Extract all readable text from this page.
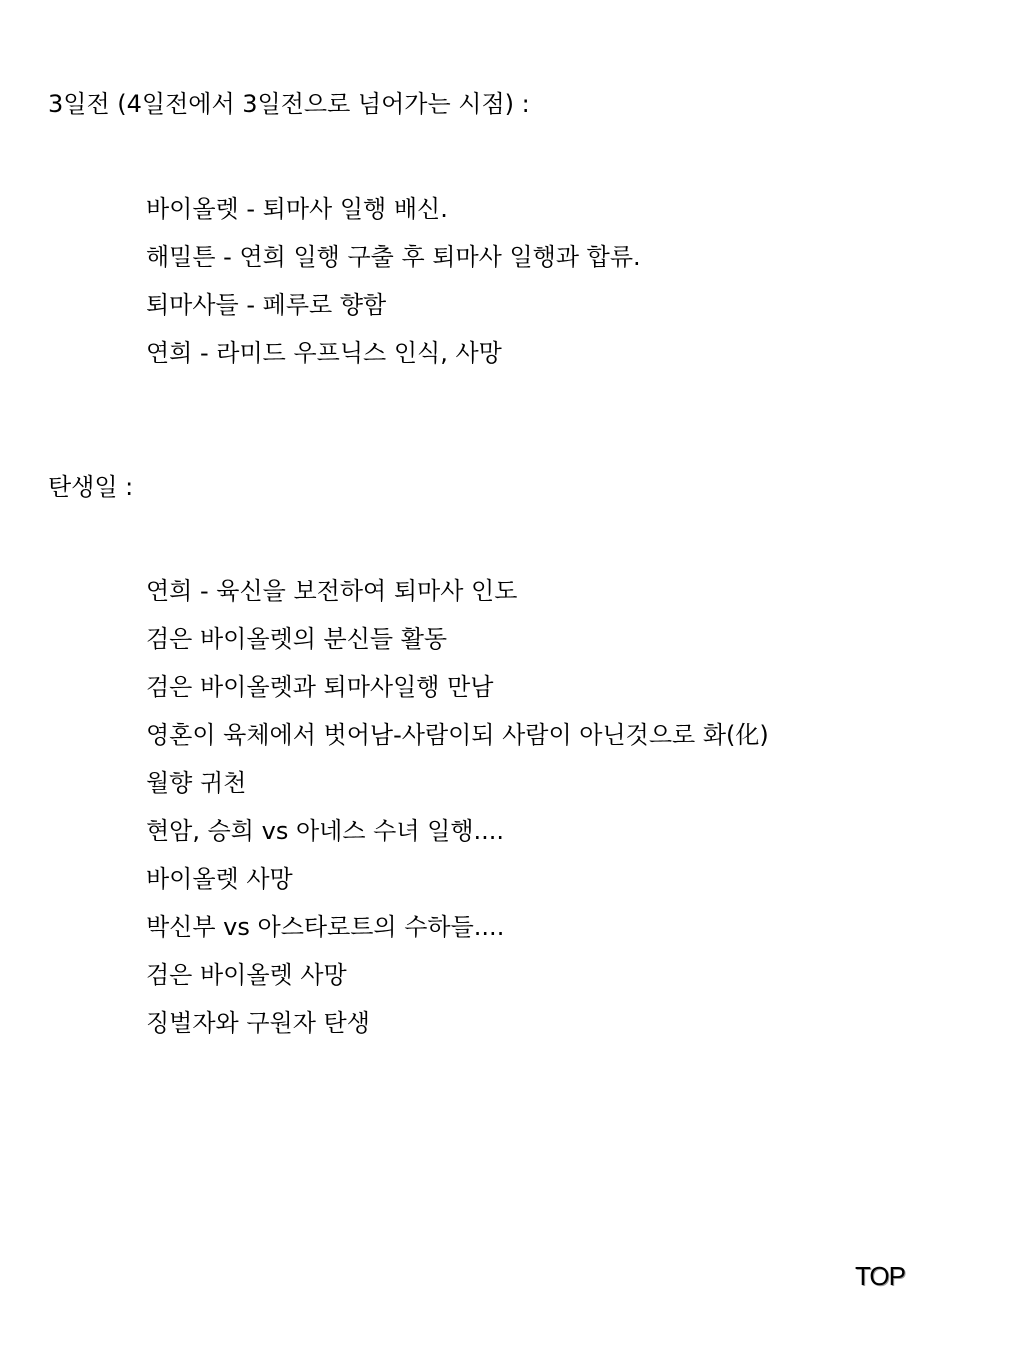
3일전 (4일전에서 3일전으로 넘어가는 시점) :
바이올렛 - 퇴마사 일행 배신.
해밀튼 - 연희 일행 구출 후 퇴마사 일행과 합류.
퇴마사들 - 페루로 향함
연희 - 라미드 우프닉스 인식, 사망
탄생일 :
연희 - 육신을 보전하여 퇴마사 인도
검은 바이올렛의 분신들 활동
검은 바이올렛과 퇴마사일행 만남
영혼이 육체에서 벗어남-사람이되 사람이 아닌것으로 화(化)
월향 귀천
현암, 승희 vs 아네스 수녀 일행....
바이올렛 사망
박신부 vs 아스타로트의 수하들....
검은 바이올렛 사망
징벌자와 구원자 탄생
TOP
